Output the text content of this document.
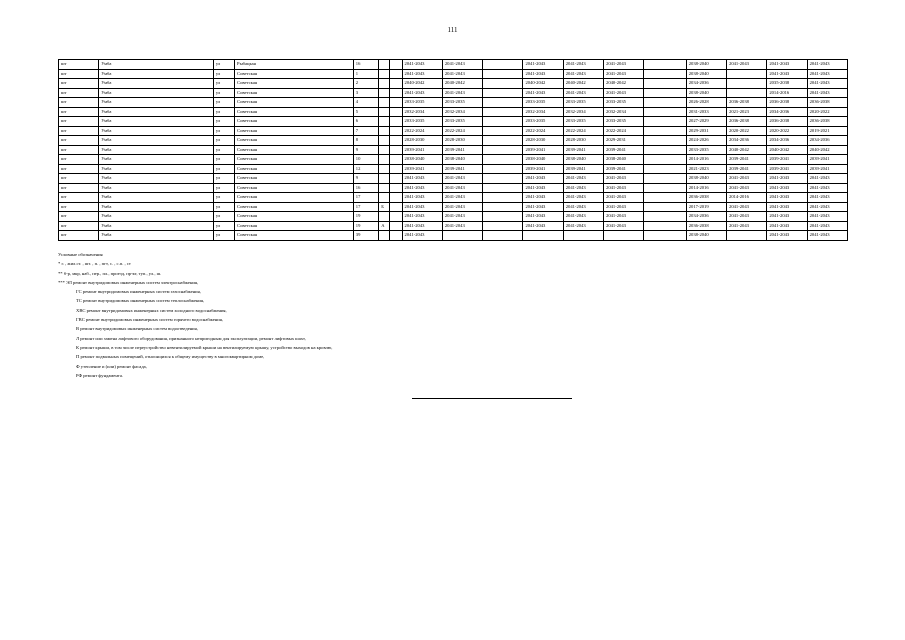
111
шт	Умба	ул	Рыбацкая	16			2041-2043	2041-2043		2041-2043	2041-2043	2041-2043		2038-2040	2041-2043	2041-2043	2041-2043
шт	Умба	ул	Советская	1			2041-2043	2041-2043		2041-2043	2041-2043	2041-2043		2038-2040		2041-2043	2041-2043
шт	Умба	ул	Советская	2			2040-2042	2040-2042		2040-2042	2040-2042	2040-2042		2034-2036		2035-2038	2041-2043
шт	Умба	ул	Советская	3			2041-2043	2041-2043		2041-2043	2041-2043	2041-2043		2038-2040		2014-2016	2041-2043
шт	Умба	ул	Советская	4			2033-2035	2033-2035		2033-2035	2033-2035	2033-2035		2026-2028	2036-2038	2036-2038	2036-2038
шт	Умба	ул	Советская	5			2032-2034	2032-2034		2032-2034	2032-2034	2032-2034		2031-2033	2021-2023	2034-2036	2020-2022
шт	Умба	ул	Советская	6			2033-2035	2033-2035		2033-2035	2033-2035	2033-2035		2027-2029	2036-2038	2036-2038	2036-2038
шт	Умба	ул	Советская	7			2022-2024	2022-2024		2022-2024	2022-2024	2022-2024		2029-2031	2020-2022	2020-2022	2019-2021
шт	Умба	ул	Советская	8			2028-2030	2028-2030		2028-2030	2028-2030	2029-2031		2024-2026	2034-2036	2034-2036	2034-2036
шт	Умба	ул	Советская	9			2039-2041	2039-2041		2039-2041	2039-2041	2039-2041		2033-2035	2040-2042	2040-2042	2040-2042
шт	Умба	ул	Советская	10			2038-2040	2038-2040		2038-2040	2038-2040	2038-2040		2014-2016	2039-2041	2039-2041	2039-2041
шт	Умба	ул	Советская	12			2039-2041	2039-2041		2039-2041	2039-2041	2039-2041		2021-2023	2039-2041	2039-2041	2039-2041
шт	Умба	ул	Советская	9			2041-2043	2041-2043		2041-2043	2041-2043	2041-2043		2038-2040	2041-2043	2041-2043	2041-2043
шт	Умба	ул	Советская	16			2041-2043	2041-2043		2041-2043	2041-2043	2041-2043		2014-2016	2041-2043	2041-2043	2041-2043
шт	Умба	ул	Советская	17			2041-2043	2041-2043		2041-2043	2041-2043	2041-2043		2036-2038	2014-2016	2041-2043	2041-2043
шт	Умба	ул	Советская	17	Б		2041-2043	2041-2043		2041-2043	2041-2043	2041-2043		2017-2019	2041-2043	2041-2043	2041-2043
шт	Умба	ул	Советская	19			2041-2043	2041-2043		2041-2043	2041-2043	2041-2043		2034-2036	2041-2043	2041-2043	2041-2043
шт	Умба	ул	Советская	19	А		2041-2043	2041-2043		2041-2043	2041-2043	2041-2043		2036-2038	2041-2043	2041-2043	2041-2043
шт	Умба	ул	Советская	39			2041-2043							2038-2040		2041-2043	2041-2043
Условные обозначения
* г. , жил.ст. , шт. , п. , пгт, с. , с.п. , ст
** б-р, мкр, наб., пер., пл., проезд, пр-кт, туп., ул., ш.
*** ЭЛ ремонт внутридомовых инженерных систем электроснабжения,
ГС ремонт внутридомовых инженерных систем газоснабжения,
ТС ремонт внутридомовых инженерных систем теплоснабжения,
ХВС ремонт внутридомовых инженерных систем холодного водоснабжения,
ГВС ремонт внутридомовых инженерных систем горячего водоснабжения,
В ремонт внутридомовых инженерных систем водоотведения,
Л ремонт или замена лифтового оборудования, признанного непригодным для эксплуатации, ремонт лифтовых шахт,
К ремонт крыши, в том числе переустройство невентилируемой крыши на вентилируемую крышу, устройство выходов на кровлю,
П ремонт подвальных помещений, относящихся к общему имуществу в многоквартирном доме,
Ф утепление и (или) ремонт фасада,
РФ ремонт фундамента.
